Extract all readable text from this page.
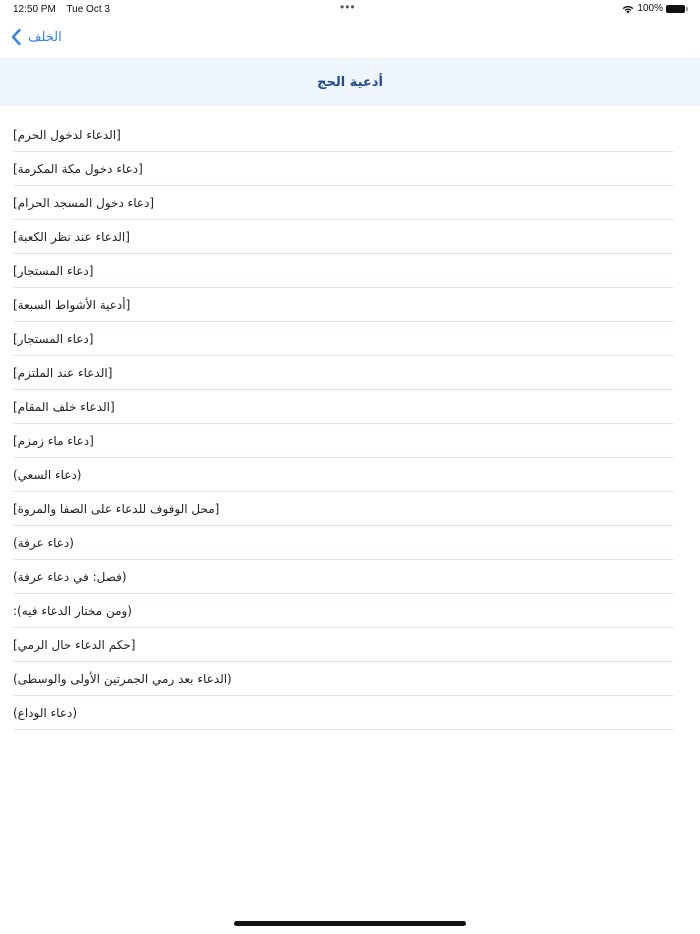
12:50 PM Tue Oct 3	•••	100%
الخلف
أدعية الحج
[الدعاء لدخول الحرم]
[دعاء دخول مكة المكرمة]
[دعاء دخول المسجد الحرام]
[الدعاء عند نظر الكعبة]
[دعاء المستجار]
[أدعية الأشواط السبعة]
[دعاء المستجار]
[الدعاء عند الملتزم]
[الدعاء خلف المقام]
[دعاء ماء زمزم]
(دعاء السعي)
[محل الوقوف للدعاء على الصفا والمروة]
(دعاء عرفة)
(فصل: في دعاء عرفة)
(ومن مختار الدعاء فيه):
[حكم الدعاء حال الرمي]
(الدعاء بعد رمي الجمرتين الأولى والوسطى)
(دعاء الوداع)
